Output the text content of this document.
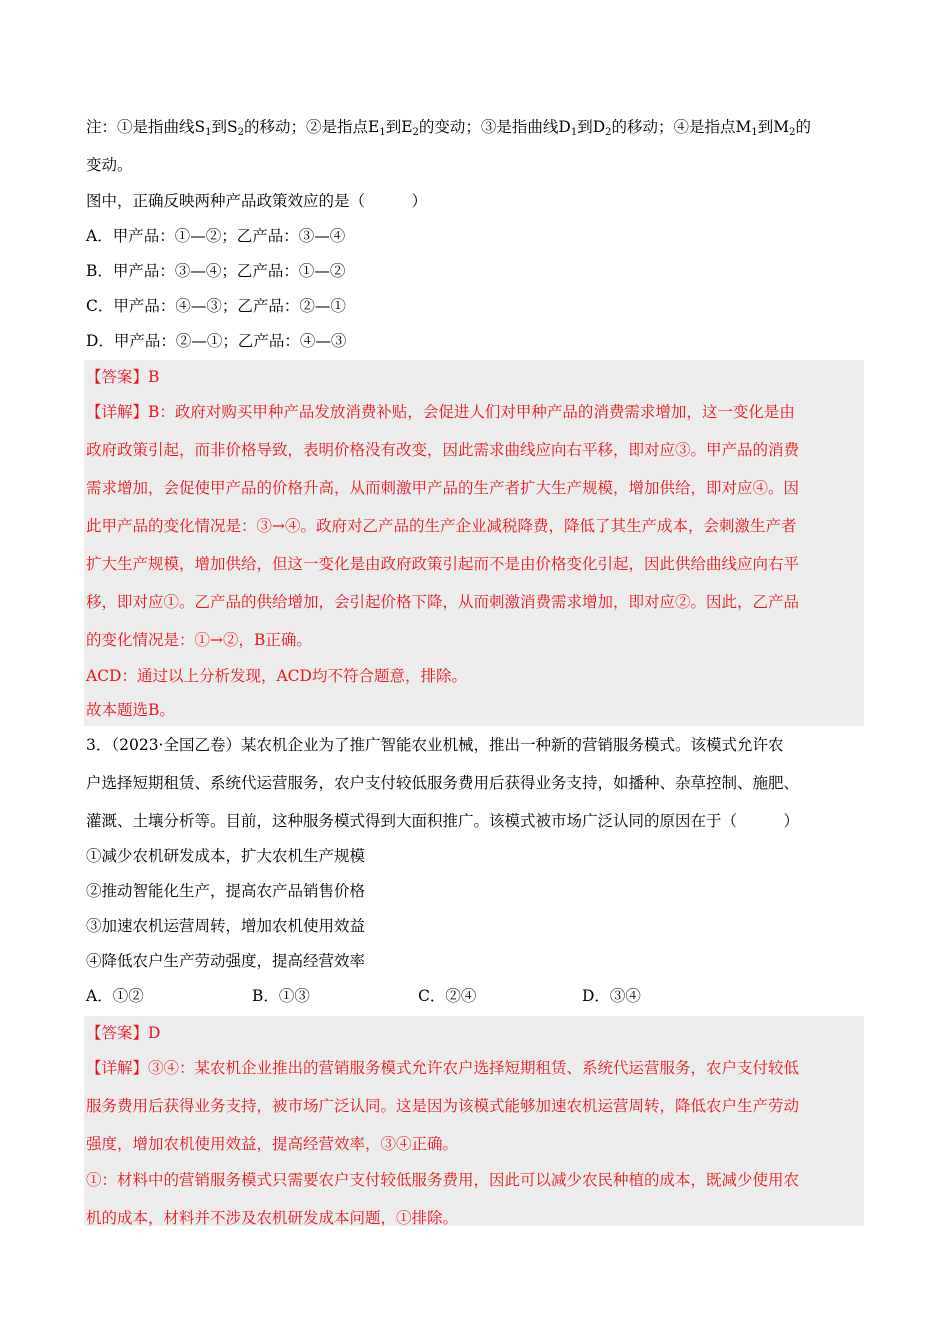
注：①是指曲线$S_1$到$S_2$的移动；②是指点$E_1$到$E_2$的变动；③是指曲线$D_1$到$D_2$的移动；④是指点$M_1$到$M_2$的
变动。
图中，正确反映两种产品政策效应的是（　　　）
A．甲产品：①—②；乙产品：③—④
B．甲产品：③—④；乙产品：①—②
C．甲产品：④—③；乙产品：②—①
D．甲产品：②—①；乙产品：④—③
【答案】B
【详解】B：政府对购买甲种产品发放消费补贴，会促进人们对甲种产品的消费需求增加，这一变化是由
政府政策引起，而非价格导致，表明价格没有改变，因此需求曲线应向右平移，即对应③。甲产品的消费
需求增加，会促使甲产品的价格升高，从而刺激甲产品的生产者扩大生产规模，增加供给，即对应④。因
此甲产品的变化情况是：③→④。政府对乙产品的生产企业减税降费，降低了其生产成本，会刺激生产者
扩大生产规模，增加供给，但这一变化是由政府政策引起而不是由价格变化引起，因此供给曲线应向右平
移，即对应①。乙产品的供给增加，会引起价格下降，从而刺激消费需求增加，即对应②。因此，乙产品
的变化情况是：①→②，B正确。
ACD：通过以上分析发现，ACD均不符合题意，排除。
故本题选B。
3．（2023·全国乙卷）某农机企业为了推广智能农业机械，推出一种新的营销服务模式。该模式允许农
户选择短期租赁、系统代运营服务，农户支付较低服务费用后获得业务支持，如播种、杂草控制、施肥、
灌溉、土壤分析等。目前，这种服务模式得到大面积推广。该模式被市场广泛认同的原因在于（　　　）
①减少农机研发成本，扩大农机生产规模
②推动智能化生产，提高农产品销售价格
③加速农机运营周转，增加农机使用效益
④降低农户生产劳动强度，提高经营效率
A．①②	B．①③	C．②④	D．③④
【答案】D
【详解】③④：某农机企业推出的营销服务模式允许农户选择短期租赁、系统代运营服务，农户支付较低
服务费用后获得业务支持，被市场广泛认同。这是因为该模式能够加速农机运营周转，降低农户生产劳动
强度，增加农机使用效益，提高经营效率，③④正确。
①：材料中的营销服务模式只需要农户支付较低服务费用，因此可以减少农民种植的成本，既减少使用农
机的成本，材料并不涉及农机研发成本问题，①排除。
